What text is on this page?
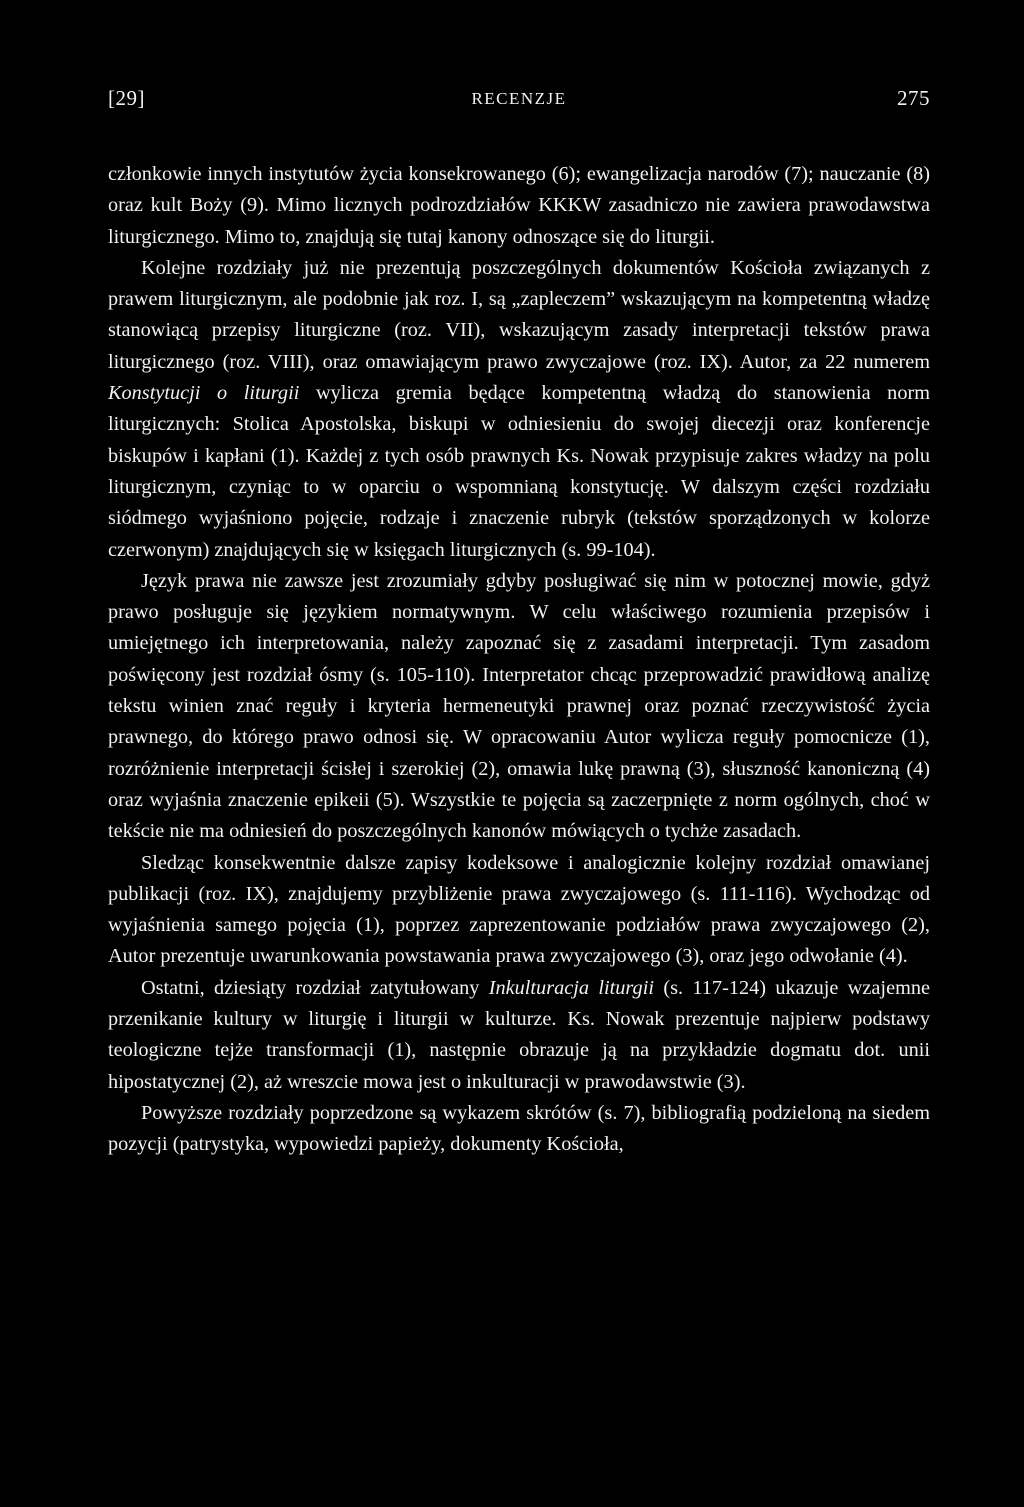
[29]	RECENZJE	275

członkowie innych instytutów życia konsekrowanego (6); ewangelizacja narodów (7); nauczanie (8) oraz kult Boży (9). Mimo licznych podrozdziałów KKKW zasadniczo nie zawiera prawodawstwa liturgicznego. Mimo to, znajdują się tutaj kanony odnoszące się do liturgii.

Kolejne rozdziały już nie prezentują poszczególnych dokumentów Kościoła związanych z prawem liturgicznym, ale podobnie jak roz. I, są „zapleczem” wskazującym na kompetentną władzę stanowiącą przepisy liturgiczne (roz. VII), wskazującym zasady interpretacji tekstów prawa liturgicznego (roz. VIII), oraz omawiającym prawo zwyczajowe (roz. IX). Autor, za 22 numerem Konstytucji o liturgii wylicza gremia będące kompetentną władzą do stanowienia norm liturgicznych: Stolica Apostolska, biskupi w odniesieniu do swojej diecezji oraz konferencje biskupów i kapłani (1). Każdej z tych osób prawnych Ks. Nowak przypisuje zakres władzy na polu liturgicznym, czyniąc to w oparciu o wspomnianą konstytucję. W dalszym części rozdziału siódmego wyjaśniono pojęcie, rodzaje i znaczenie rubryk (tekstów sporządzonych w kolorze czerwonym) znajdujących się w księgach liturgicznych (s. 99-104).

Język prawa nie zawsze jest zrozumiały gdyby posługiwać się nim w potocznej mowie, gdyż prawo posługuje się językiem normatywnym. W celu właściwego rozumienia przepisów i umiejętnego ich interpretowania, należy zapoznać się z zasadami interpretacji. Tym zasadom poświęcony jest rozdział ósmy (s. 105-110). Interpretator chcąc przeprowadzić prawidłową analizę tekstu winien znać reguły i kryteria hermeneutyki prawnej oraz poznać rzeczywistość życia prawnego, do którego prawo odnosi się. W opracowaniu Autor wylicza reguły pomocnicze (1), rozróżnienie interpretacji ścisłej i szerokiej (2), omawia lukę prawną (3), słuszność kanoniczną (4) oraz wyjaśnia znaczenie epikeii (5). Wszystkie te pojęcia są zaczerpnięte z norm ogólnych, choć w tekście nie ma odniesień do poszczególnych kanonów mówiących o tychże zasadach.

Sledząc konsekwentnie dalsze zapisy kodeksowe i analogicznie kolejny rozdział omawianej publikacji (roz. IX), znajdujemy przybliżenie prawa zwyczajowego (s. 111-116). Wychodząc od wyjaśnienia samego pojęcia (1), poprzez zaprezentowanie podziałów prawa zwyczajowego (2), Autor prezentuje uwarunkowania powstawania prawa zwyczajowego (3), oraz jego odwołanie (4).

Ostatni, dziesiąty rozdział zatytułowany Inkulturacja liturgii (s. 117-124) ukazuje wzajemne przenikanie kultury w liturgię i liturgii w kulturze. Ks. Nowak prezentuje najpierw podstawy teologiczne tejże transformacji (1), następnie obrazuje ją na przykładzie dogmatu dot. unii hipostatycznej (2), aż wreszcie mowa jest o inkulturacji w prawodawstwie (3).

Powyższe rozdziały poprzedzone są wykazem skrótów (s. 7), bibliografią podzieloną na siedem pozycji (patrystyka, wypowiedzi papieży, dokumenty Kościoła,
